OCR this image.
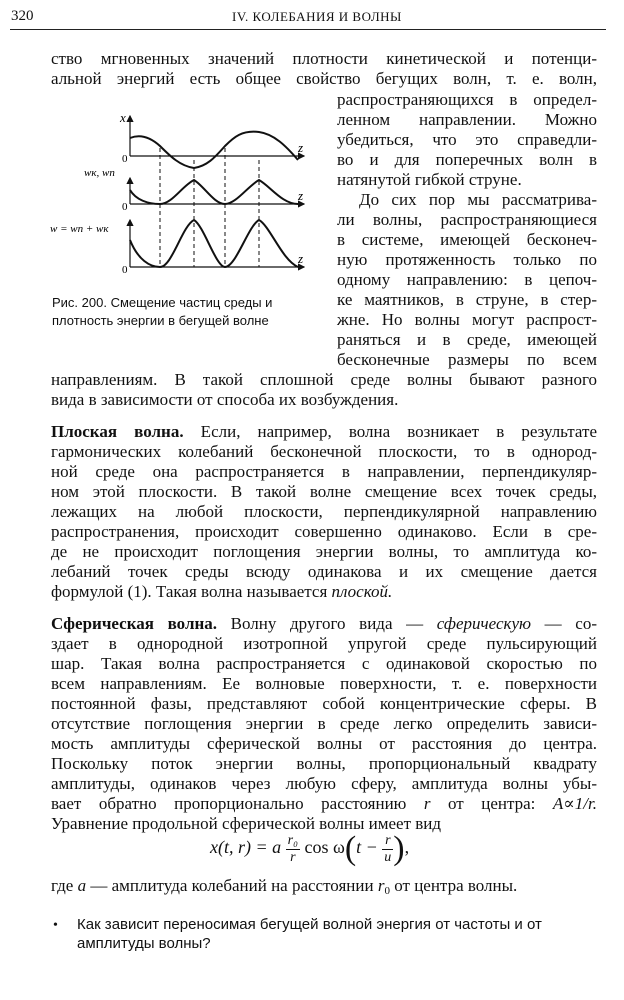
320	IV. КОЛЕБАНИЯ И ВОЛНЫ
ство мгновенных значений плотности кинетической и потенци-
альной энергий есть общее свойство бегущих волн, т. е. волн,
распространяющихся в определ-
ленном направлении. Можно
убедиться, что это справедли-
во и для поперечных волн в
натянутой гибкой струне.
До сих пор мы рассматрива-
ли волны, распространяющиеся
в системе, имеющей бесконеч-
ную протяженность только по
одному направлению: в цепоч-
ке маятников, в струне, в стер-
жне. Но волны могут распрост-
раняться и в среде, имеющей
бесконечные размеры по всем
x
0
z
wк, wп
0
z
w = wп + wк
0
z
Рис. 200. Смещение частиц среды и
плотность энергии в бегущей волне
направлениям. В такой сплошной среде волны бывают разного
вида в зависимости от способа их возбуждения.
Плоская волна. Если, например, волна возникает в результате
гармонических колебаний бесконечной плоскости, то в однород-
ной среде она распространяется в направлении, перпендикуляр-
ном этой плоскости. В такой волне смещение всех точек среды,
лежащих на любой плоскости, перпендикулярной направлению
распространения, происходит совершенно одинаково. Если в сре-
де не происходит поглощения энергии волны, то амплитуда ко-
лебаний точек среды всюду одинакова и их смещение дается
формулой (1). Такая волна называется плоской.
Сферическая волна. Волну другого вида — сферическую — со-
здает в однородной изотропной упругой среде пульсирующий
шар. Такая волна распространяется с одинаковой скоростью по
всем направлениям. Ее волновые поверхности, т. е. поверхности
постоянной фазы, представляют собой концентрические сферы. В
отсутствие поглощения энергии в среде легко определить зависи-
мость амплитуды сферической волны от расстояния до центра.
Поскольку поток энергии волны, пропорциональный квадрату
амплитуды, одинаков через любую сферу, амплитуда волны убы-
вает обратно пропорционально расстоянию r от центра: A∝1/r.
Уравнение продольной сферической волны имеет вид
x(t, r) = a $\frac{\text{r₀}}{r}$ $\cos \omega(t - \frac{r}{u}$ ),
где a — амплитуда колебаний на расстоянии $r_0$ от центра волны.
• Как зависит переносимая бегущей волной энергия от частоты и от
амплитуды волны?
